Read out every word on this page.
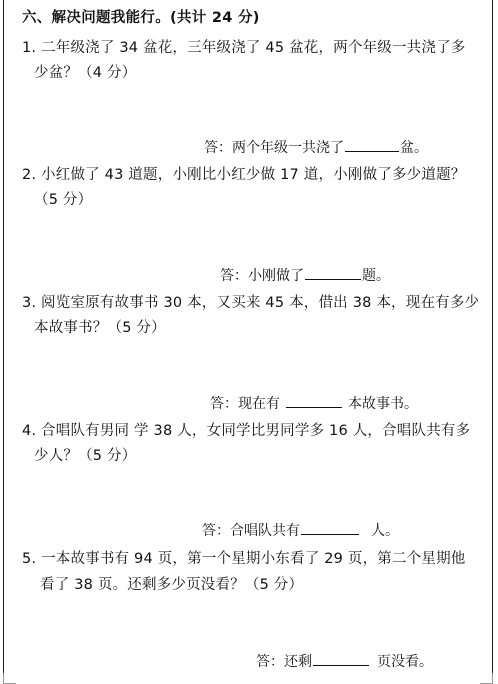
六、解决问题我能行。(共计 24 分)
1. 二年级浇了 34 盆花，三年级浇了 45 盆花，两个年级一共浇了多
少盆？（4 分）
答：两个年级一共浇了	盆。
2. 小红做了 43 道题，小刚比小红少做 17 道，小刚做了多少道题？
（5 分）
答：小刚做了	题。
3. 阅览室原有故事书 30 本，又买来 45 本，借出 38 本，现在有多少
本故事书？（5 分）
答：现在有	本故事书。
4. 合唱队有男同 学 38 人，女同学比男同学多 16 人，合唱队共有多
少人？（5 分）
答：合唱队共有	人。
5. 一本故事书有 94 页，第一个星期小东看了 29 页，第二个星期他
看了 38 页。还剩多少页没看？（5 分）
答：还剩	页没看。
